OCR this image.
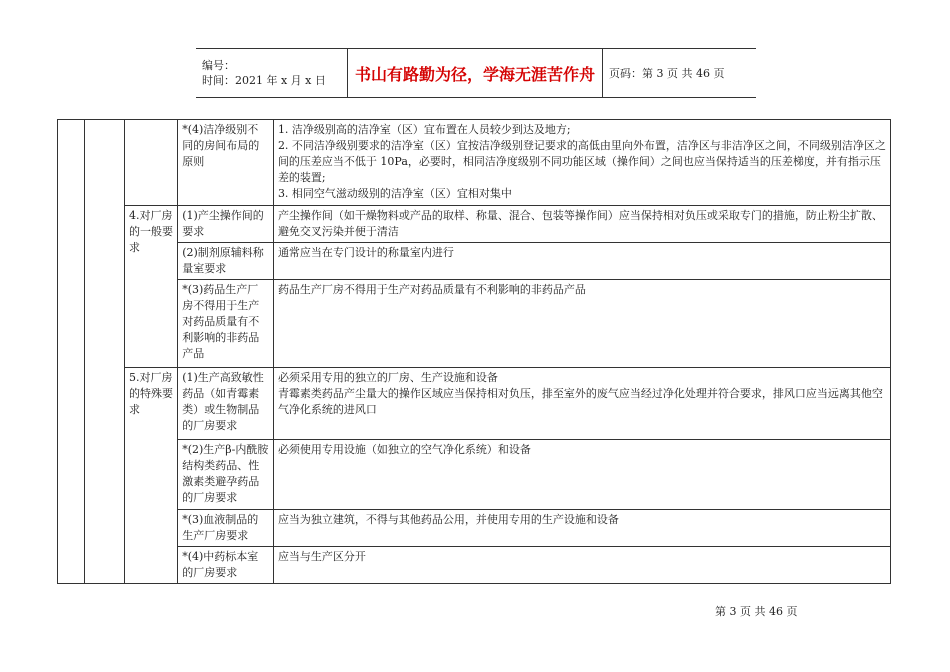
编号：
时间：2021 年 x 月 x 日	书山有路勤为径，学海无涯苦作舟	页码：第 3 页 共 46 页
			*(4)洁净级别不同的房间布局的原则	1. 洁净级别高的洁净室（区）宜布置在人员较少到达及地方;

2. 不同洁净级别要求的洁净室（区）宜按洁净级别登记要求的高低由里向外布置，洁净区与非洁净区之间，不同级别洁净区之间的压差应当不低于 10Pa，必要时，相同洁净度级别不同功能区域（操作间）之间也应当保持适当的压差梯度，并有指示压差的装置;

3. 相同空气滋动级别的洁净室（区）宜相对集中

		4.对厂房的一般要求	(1)产尘操作间的要求	产尘操作间（如干燥物料或产品的取样、称量、混合、包装等操作间）应当保持相对负压或采取专门的措施，防止粉尘扩散、避免交叉污染并便于清洁

			(2)制剂原辅料称量室要求	通常应当在专门设计的称量室内进行

			*(3)药品生产厂房不得用于生产对药品质量有不利影响的非药品产品	药品生产厂房不得用于生产对药品质量有不利影响的非药品产品

		5.对厂房的特殊要求	(1)生产高致敏性药品（如青霉素类）或生物制品的厂房要求	必须采用专用的独立的厂房、生产设施和设备

青霉素类药品产尘量大的操作区域应当保持相对负压，排至室外的废气应当经过净化处理并符合要求，排风口应当远离其他空气净化系统的进风口

			*(2)生产β-内酰胺结构类药品、性激素类避孕药品的厂房要求	必须使用专用设施（如独立的空气净化系统）和设备

			*(3)血液制品的生产厂房要求	应当为独立建筑，不得与其他药品公用，并使用专用的生产设施和设备

			*(4)中药标本室的厂房要求	应当与生产区分开

第 3 页 共 46 页
